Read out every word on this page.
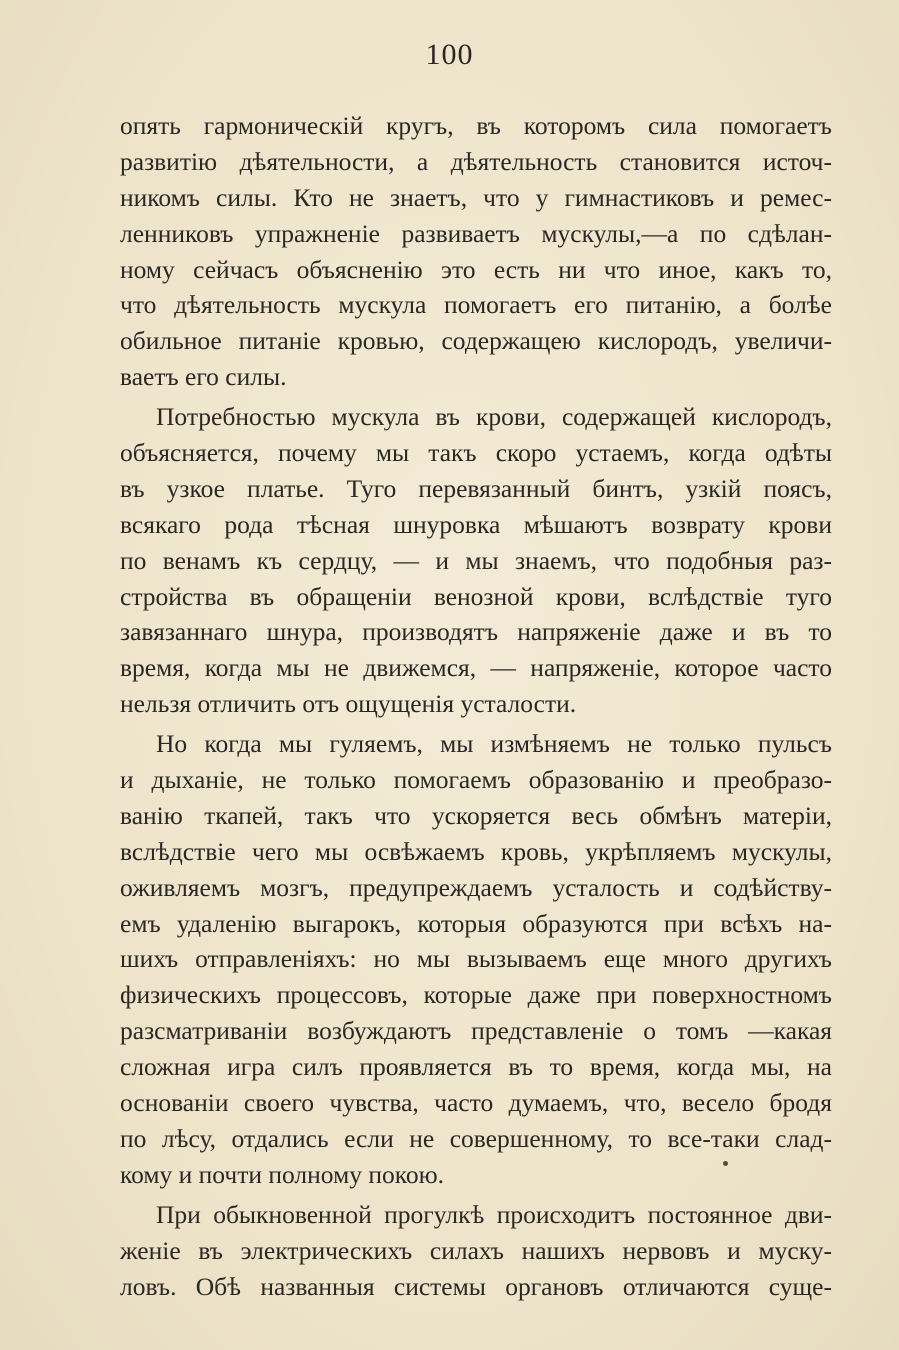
100
опять гармоническій кругъ, въ которомъ сила помогаетъ
развитію дѣятельности, а дѣятельность становится источ-
никомъ силы. Кто не знаетъ, что у гимнастиковъ и ремес-
ленниковъ упражненіе развиваетъ мускулы,—а по сдѣлан-
ному сейчасъ объясненію это есть ни что иное, какъ то,
что дѣятельность мускула помогаетъ его питанію, а болѣе
обильное питаніе кровью, содержащею кислородъ, увеличи-
ваетъ его силы.
Потребностью мускула въ крови, содержащей кислородъ,
объясняется, почему мы такъ скоро устаемъ, когда одѣты
въ узкое платье. Туго перевязанный бинтъ, узкій поясъ,
всякаго рода тѣсная шнуровка мѣшаютъ возврату крови
по венамъ къ сердцу, — и мы знаемъ, что подобныя раз-
стройства въ обращеніи венозной крови, вслѣдствіе туго
завязаннаго шнура, производятъ напряженіе даже и въ то
время, когда мы не движемся, — напряженіе, которое часто
нельзя отличить отъ ощущенія усталости.
Но когда мы гуляемъ, мы измѣняемъ не только пульсъ
и дыханіе, не только помогаемъ образованію и преобразо-
ванію ткапей, такъ что ускоряется весь обмѣнъ матеріи,
вслѣдствіе чего мы освѣжаемъ кровь, укрѣпляемъ мускулы,
оживляемъ мозгъ, предупреждаемъ усталость и содѣйству-
емъ удаленію выгарокъ, которыя образуются при всѣхъ на-
шихъ отправленіяхъ: но мы вызываемъ еще много другихъ
физическихъ процессовъ, которые даже при поверхностномъ
разсматриваніи возбуждаютъ представленіе о томъ —какая
сложная игра силъ проявляется въ то время, когда мы, на
основаніи своего чувства, часто думаемъ, что, весело бродя
по лѣсу, отдались если не совершенному, то все-таки слад-
кому и почти полному покою.
При обыкновенной прогулкѣ происходитъ постоянное дви-
женіе въ электрическихъ силахъ нашихъ нервовъ и муску-
ловъ. Обѣ названныя системы органовъ отличаются суще-
